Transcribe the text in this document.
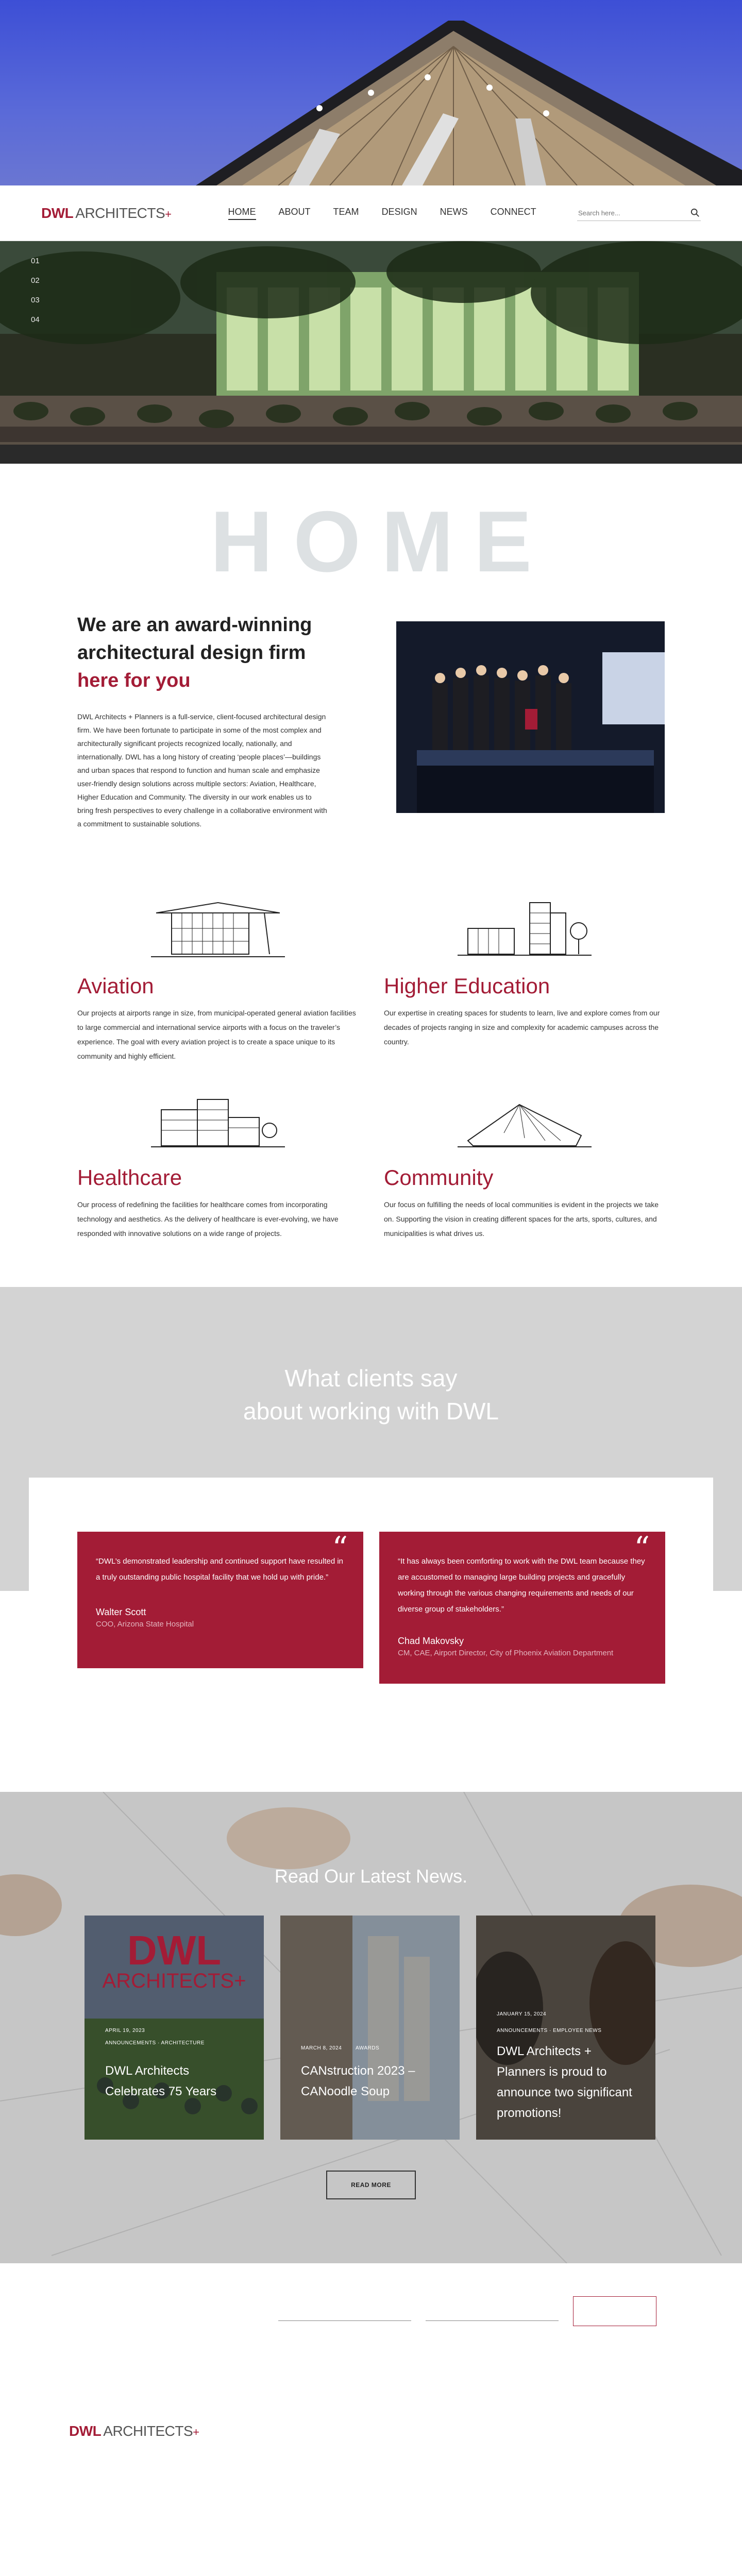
DWL ARCHITECTS +	HOME ABOUT TEAM DESIGN NEWS CONNECT
Search here...
01
02
03
04
HOME
We are an award-winning
architectural design firm
here for you

DWL Architects + Planners is a full-service, client-focused architectural design firm. We have been fortunate to participate in some of the most complex and architecturally significant projects recognized locally, nationally, and internationally. DWL has a long history of creating ‘people places’—buildings and urban spaces that respond to function and human scale and emphasize user-friendly design solutions across multiple sectors: Aviation, Healthcare, Higher Education and Community. The diversity in our work enables us to bring fresh perspectives to every challenge in a collaborative environment with a commitment to sustainable solutions.

Aviation

Our projects at airports range in size, from municipal-operated general aviation facilities to large commercial and international service airports with a focus on the traveler’s experience. The goal with every aviation project is to create a space unique to its community and highly efficient.

Higher Education

Our expertise in creating spaces for students to learn, live and explore comes from our decades of projects ranging in size and complexity for academic campuses across the country.

Healthcare

Our process of redefining the facilities for healthcare comes from incorporating technology and aesthetics. As the delivery of healthcare is ever-evolving, we have responded with innovative solutions on a wide range of projects.

Community

Our focus on fulfilling the needs of local communities is evident in the projects we take on. Supporting the vision in creating different spaces for the arts, sports, cultures, and municipalities is what drives us.

What clients say
about working with DWL
“

“DWL’s demonstrated leadership and continued support have resulted in a truly outstanding public hospital facility that we hold up with pride.”

Walter Scott
COO, Arizona State Hospital
“

“It has always been comforting to work with the DWL team because they are accustomed to managing large building projects and gracefully working through the various changing requirements and needs of our diverse group of stakeholders.”

Chad Makovsky
CM, CAE, Airport Director, City of Phoenix Aviation Department
Read Our Latest News.
DWL
ARCHITECTS+
APRIL 19, 2023
ANNOUNCEMENTS · ARCHITECTURE
DWL Architects Celebrates 75 Years
MARCH 8, 2024	AWARDS
CANstruction 2023 – CANoodle Soup
JANUARY 15, 2024
ANNOUNCEMENTS · EMPLOYEE NEWS
DWL Architects + Planners is proud to announce two significant promotions!
READ MORE
DWL ARCHITECTS +
